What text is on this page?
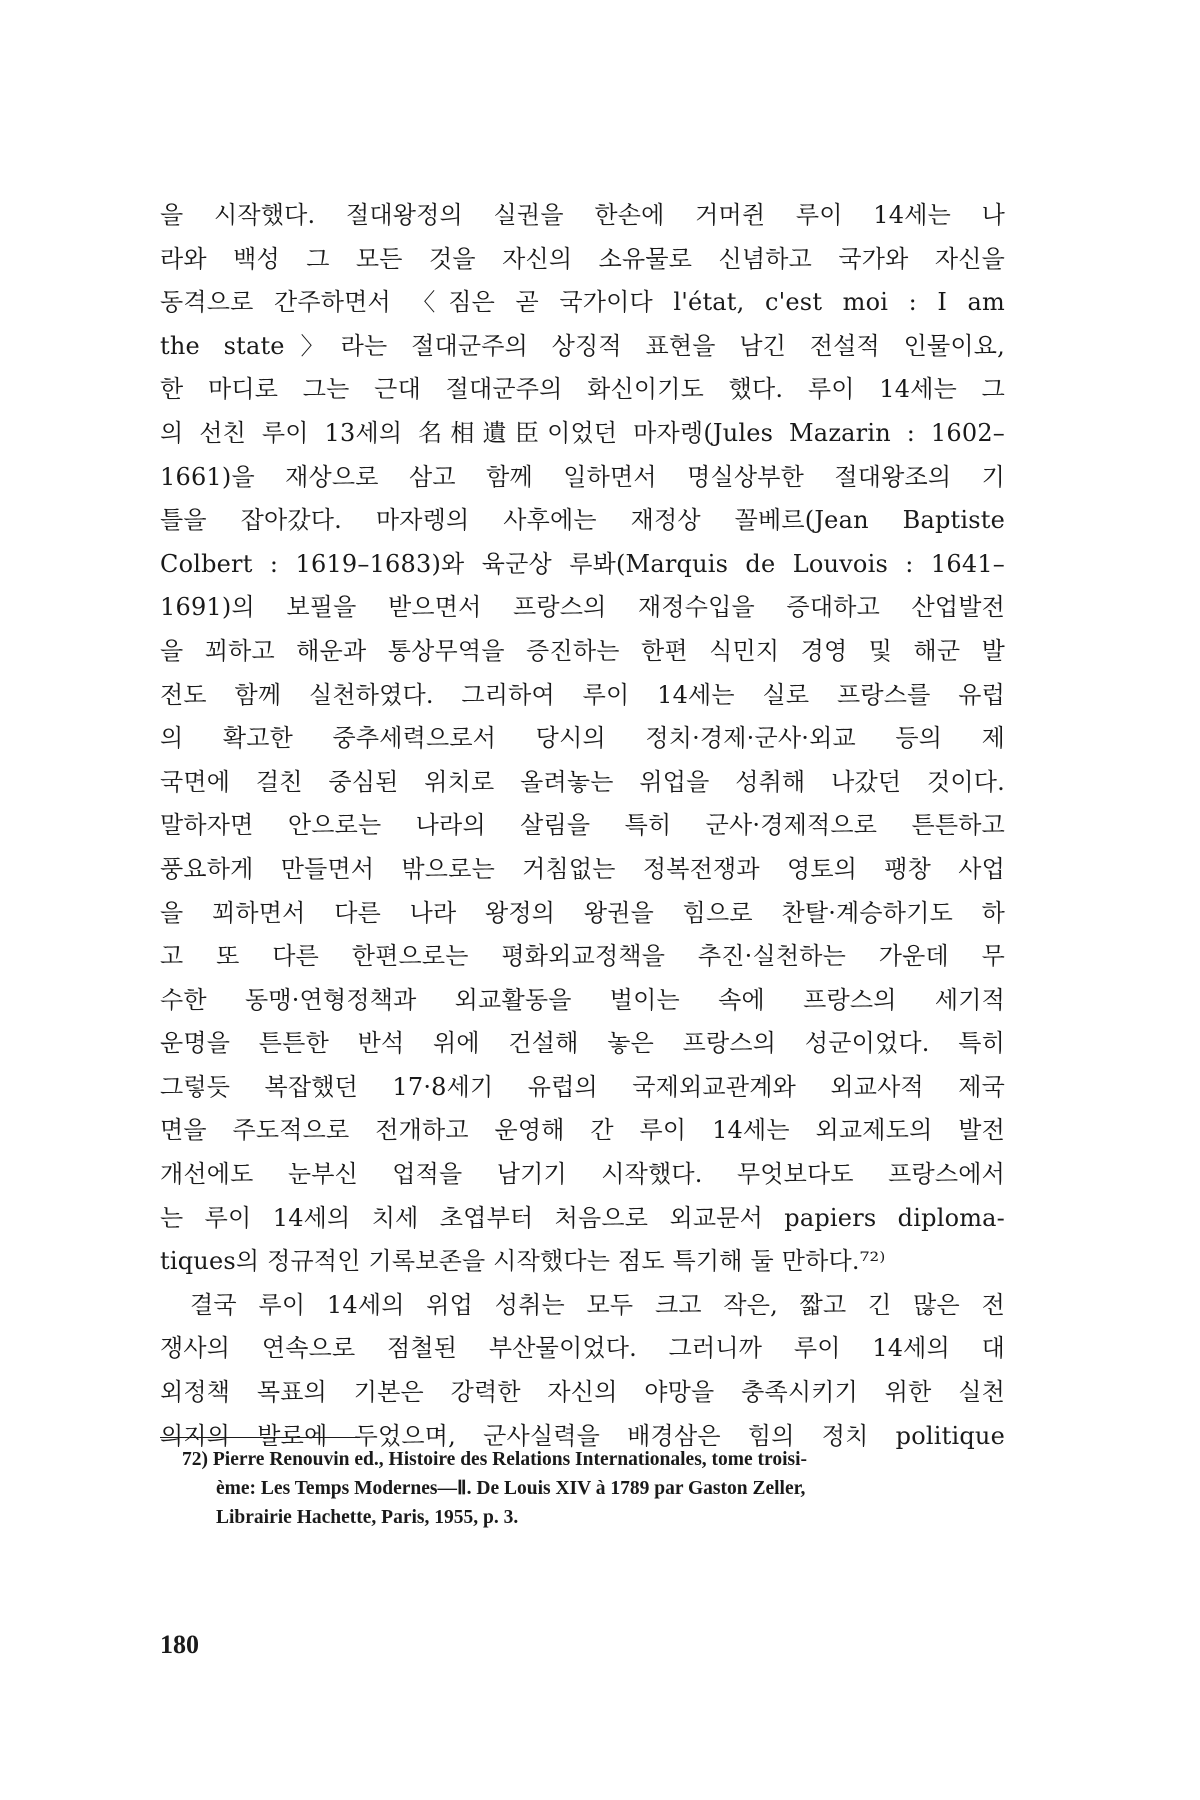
을 시작했다. 절대왕정의 실권을 한손에 거머쥔 루이 14세는 나
라와 백성 그 모든 것을 자신의 소유물로 신념하고 국가와 자신을
동격으로 간주하면서 〈짐은 곧 국가이다 l'état, c'est moi : I am
the state〉라는 절대군주의 상징적 표현을 남긴 전설적 인물이요,
한 마디로 그는 근대 절대군주의 화신이기도 했다. 루이 14세는 그
의 선친 루이 13세의 名相遺臣이었던 마자렝(Jules Mazarin : 1602–
1661)을 재상으로 삼고 함께 일하면서 명실상부한 절대왕조의 기
틀을 잡아갔다. 마자렝의 사후에는 재정상 꼴베르(Jean Baptiste
Colbert : 1619–1683)와 육군상 루봐(Marquis de Louvois : 1641–
1691)의 보필을 받으면서 프랑스의 재정수입을 증대하고 산업발전
을 꾀하고 해운과 통상무역을 증진하는 한편 식민지 경영 및 해군 발
전도 함께 실천하였다. 그리하여 루이 14세는 실로 프랑스를 유럽
의 확고한 중추세력으로서 당시의 정치·경제·군사·외교 등의 제
국면에 걸친 중심된 위치로 올려놓는 위업을 성취해 나갔던 것이다.
말하자면 안으로는 나라의 살림을 특히 군사·경제적으로 튼튼하고
풍요하게 만들면서 밖으로는 거침없는 정복전쟁과 영토의 팽창 사업
을 꾀하면서 다른 나라 왕정의 왕권을 힘으로 찬탈·계승하기도 하
고 또 다른 한편으로는 평화외교정책을 추진·실천하는 가운데 무
수한 동맹·연형정책과 외교활동을 벌이는 속에 프랑스의 세기적
운명을 튼튼한 반석 위에 건설해 놓은 프랑스의 성군이었다. 특히
그렇듯 복잡했던 17·8세기 유럽의 국제외교관계와 외교사적 제국
면을 주도적으로 전개하고 운영해 간 루이 14세는 외교제도의 발전
개선에도 눈부신 업적을 남기기 시작했다. 무엇보다도 프랑스에서
는 루이 14세의 치세 초엽부터 처음으로 외교문서 papiers diploma-
tiques의 정규적인 기록보존을 시작했다는 점도 특기해 둘 만하다.⁷²⁾
결국 루이 14세의 위업 성취는 모두 크고 작은, 짧고 긴 많은 전
쟁사의 연속으로 점철된 부산물이었다. 그러니까 루이 14세의 대
외정책 목표의 기본은 강력한 자신의 야망을 충족시키기 위한 실천
의지의 발로에 두었으며, 군사실력을 배경삼은 힘의 정치 politique
72) Pierre Renouvin ed., Histoire des Relations Internationales, tome troisi-
ème: Les Temps Modernes—Ⅱ. De Louis XIV à 1789 par Gaston Zeller,
Librairie Hachette, Paris, 1955, p. 3.
180
